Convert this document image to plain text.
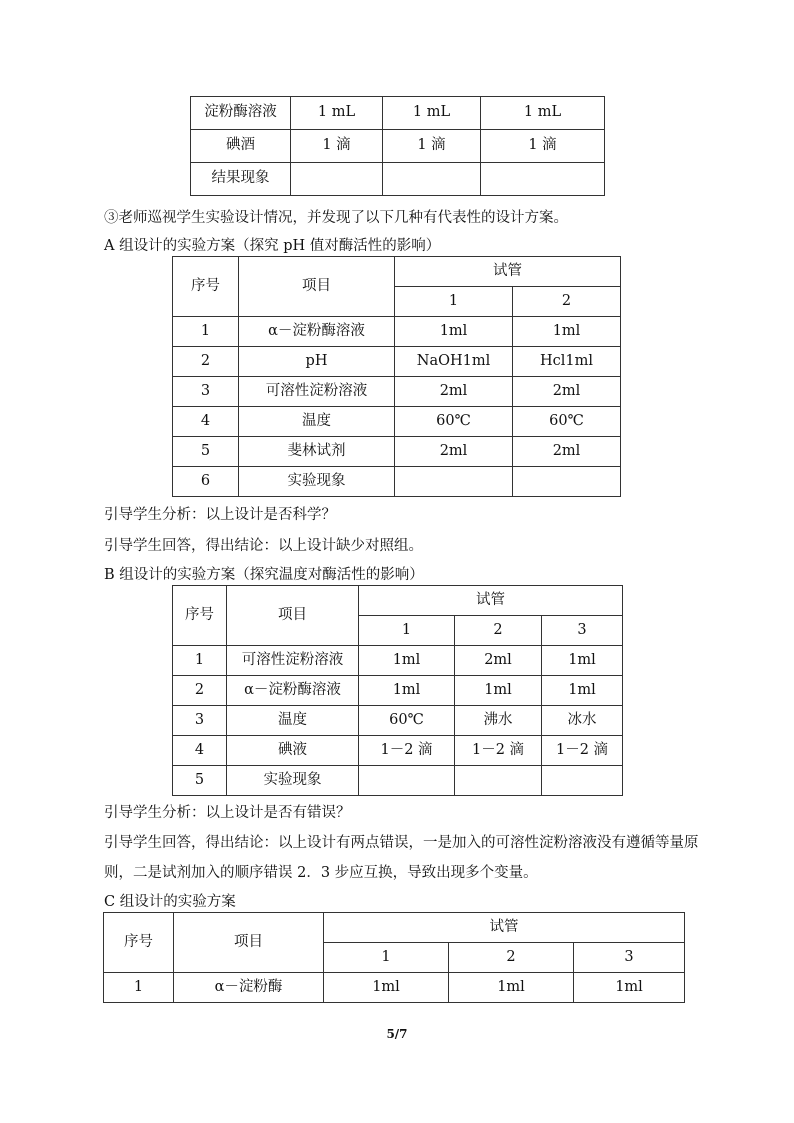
淀粉酶溶液	1 mL	1 mL	1 mL
碘酒	1 滴	1 滴	1 滴
结果现象			
③老师巡视学生实验设计情况，并发现了以下几种有代表性的设计方案。
A 组设计的实验方案（探究 pH 值对酶活性的影响）
序号	项目	试管	
		1	2
1	α－淀粉酶溶液	1ml	1ml
2	pH	NaOH1ml	Hcl1ml
3	可溶性淀粉溶液	2ml	2ml
4	温度	60℃	60℃
5	斐林试剂	2ml	2ml
6	实验现象		
引导学生分析：以上设计是否科学？
引导学生回答，得出结论：以上设计缺少对照组。
B 组设计的实验方案（探究温度对酶活性的影响）
序号	项目	试管		
		1	2	3
1	可溶性淀粉溶液	1ml	2ml	1ml
2	α－淀粉酶溶液	1ml	1ml	1ml
3	温度	60℃	沸水	冰水
4	碘液	1－2 滴	1－2 滴	1－2 滴
5	实验现象			
引导学生分析：以上设计是否有错误？
引导学生回答，得出结论：以上设计有两点错误，一是加入的可溶性淀粉溶液没有遵循等量原则，二是试剂加入的顺序错误 2．3 步应互换，导致出现多个变量。
C 组设计的实验方案
序号	项目	试管		
		1	2	3
1	α－淀粉酶	1ml	1ml	1ml
5/7
